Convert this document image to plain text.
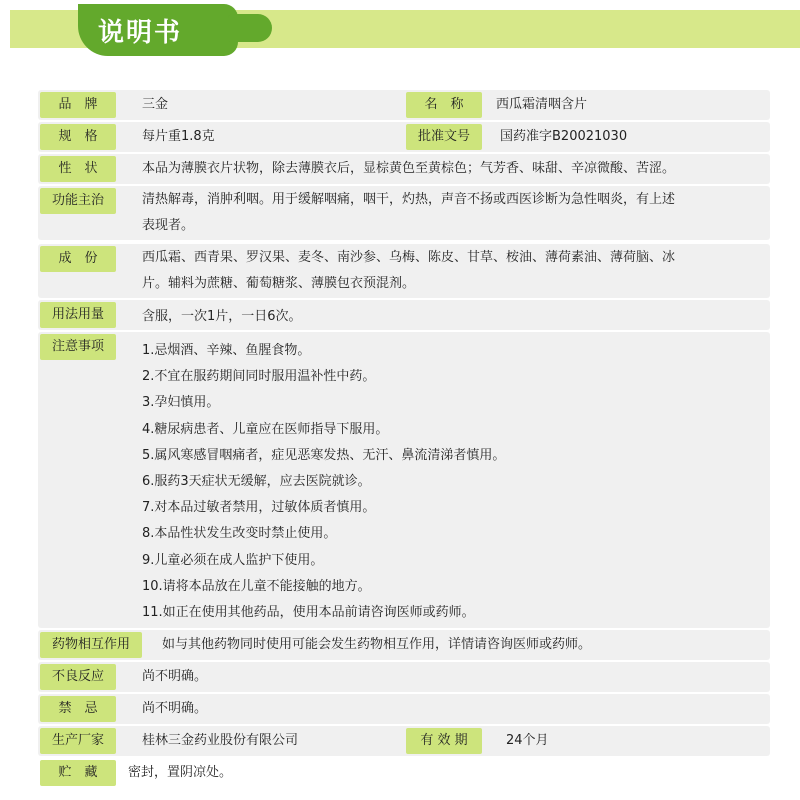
说明书
品　牌	三金	名　称	西瓜霜清咽含片
规　格	每片重1.8克	批准文号	国药准字B20021030
性　状	本品为薄膜衣片状物，除去薄膜衣后，显棕黄色至黄棕色；气芳香、味甜、辛凉微酸、苦涩。
功能主治	清热解毒，消肿利咽。用于缓解咽痛，咽干，灼热，声音不扬或西医诊断为急性咽炎，有上述
表现者。
成　份	西瓜霜、西青果、罗汉果、麦冬、南沙参、乌梅、陈皮、甘草、桉油、薄荷素油、薄荷脑、冰
片。辅料为蔗糖、葡萄糖浆、薄膜包衣预混剂。
用法用量	含服，一次1片，一日6次。
注意事项	1.忌烟酒、辛辣、鱼腥食物。
2.不宜在服药期间同时服用温补性中药。
3.孕妇慎用。
4.糖尿病患者、儿童应在医师指导下服用。
5.属风寒感冒咽痛者，症见恶寒发热、无汗、鼻流清涕者慎用。
6.服药3天症状无缓解，应去医院就诊。
7.对本品过敏者禁用，过敏体质者慎用。
8.本品性状发生改变时禁止使用。
9.儿童必须在成人监护下使用。
10.请将本品放在儿童不能接触的地方。
11.如正在使用其他药品，使用本品前请咨询医师或药师。
药物相互作用	如与其他药物同时使用可能会发生药物相互作用，详情请咨询医师或药师。
不良反应	尚不明确。
禁　忌	尚不明确。
生产厂家	桂林三金药业股份有限公司	有 效 期	24个月
贮　藏	密封，置阴凉处。
